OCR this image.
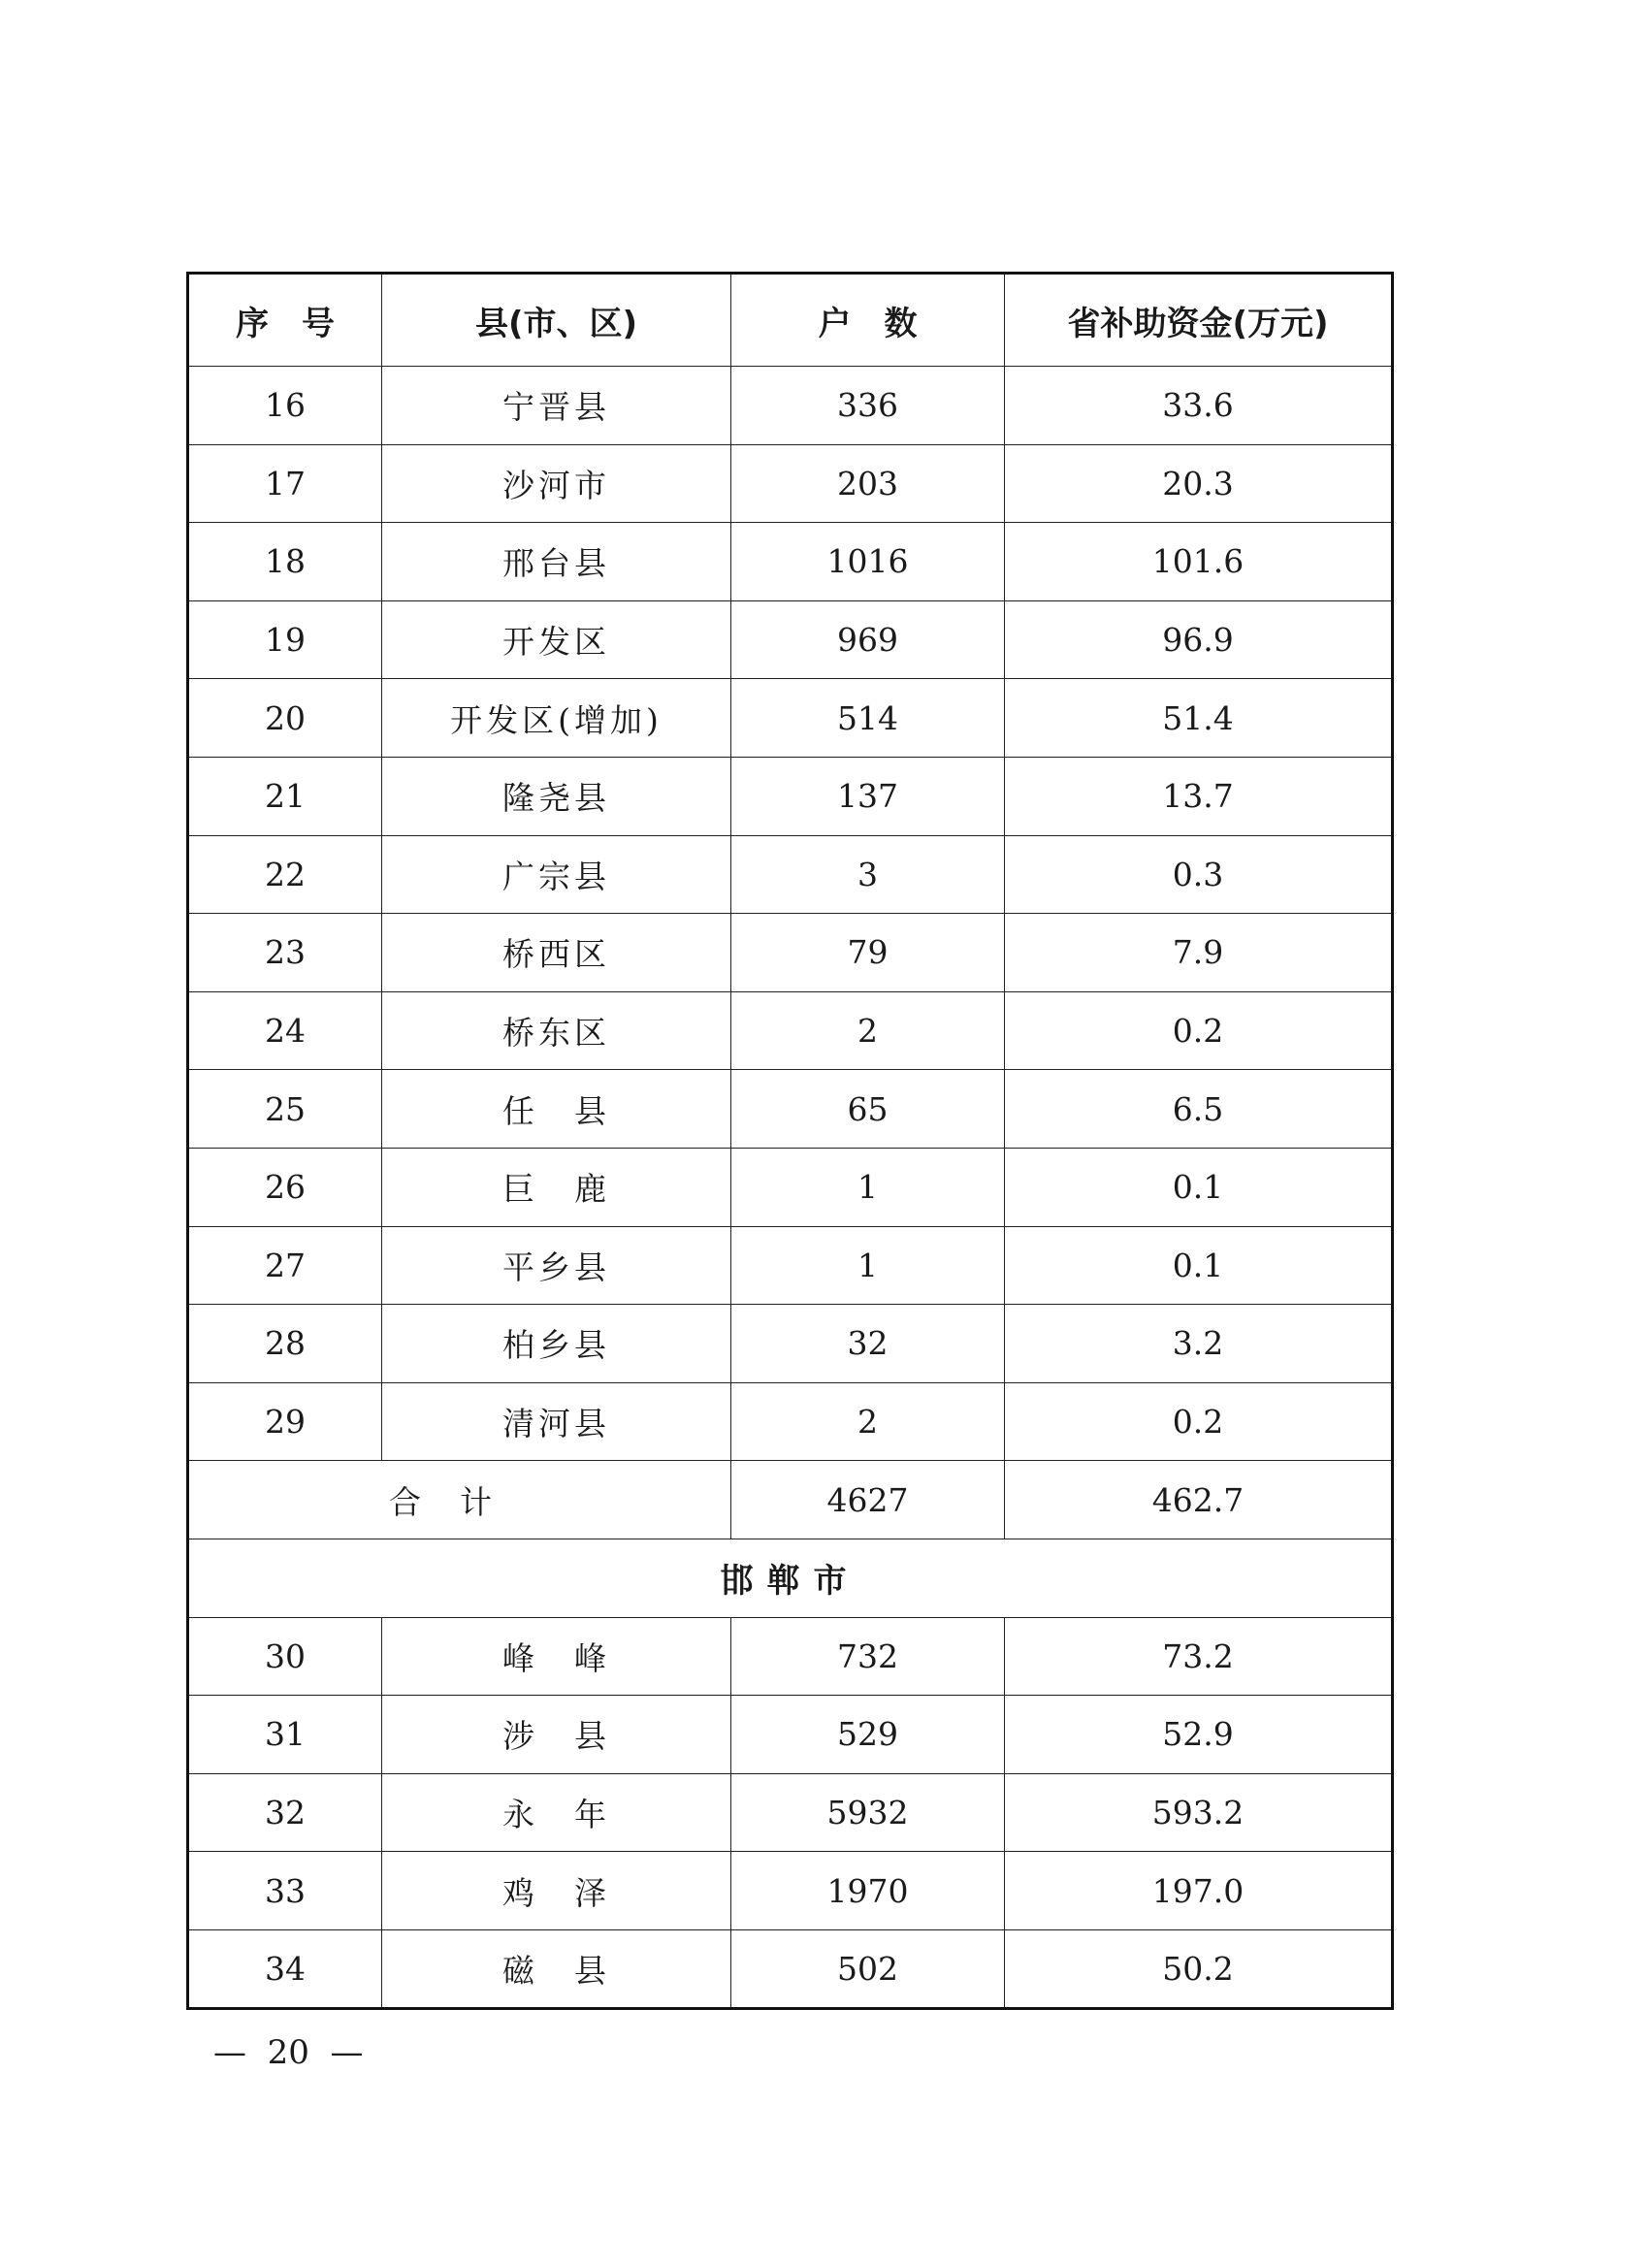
序　号	县(市、区)	户　数	省补助资金(万元)
16	宁晋县	336	33.6
17	沙河市	203	20.3
18	邢台县	1016	101.6
19	开发区	969	96.9
20	开发区(增加)	514	51.4
21	隆尧县	137	13.7
22	广宗县	3	0.3
23	桥西区	79	7.9
24	桥东区	2	0.2
25	任　县	65	6.5
26	巨　鹿	1	0.1
27	平乡县	1	0.1
28	柏乡县	32	3.2
29	清河县	2	0.2
合计		4627	462.7
邯郸市			
30	峰　峰	732	73.2
31	涉　县	529	52.9
32	永　年	5932	593.2
33	鸡　泽	1970	197.0
34	磁　县	502	50.2
—  20  —
